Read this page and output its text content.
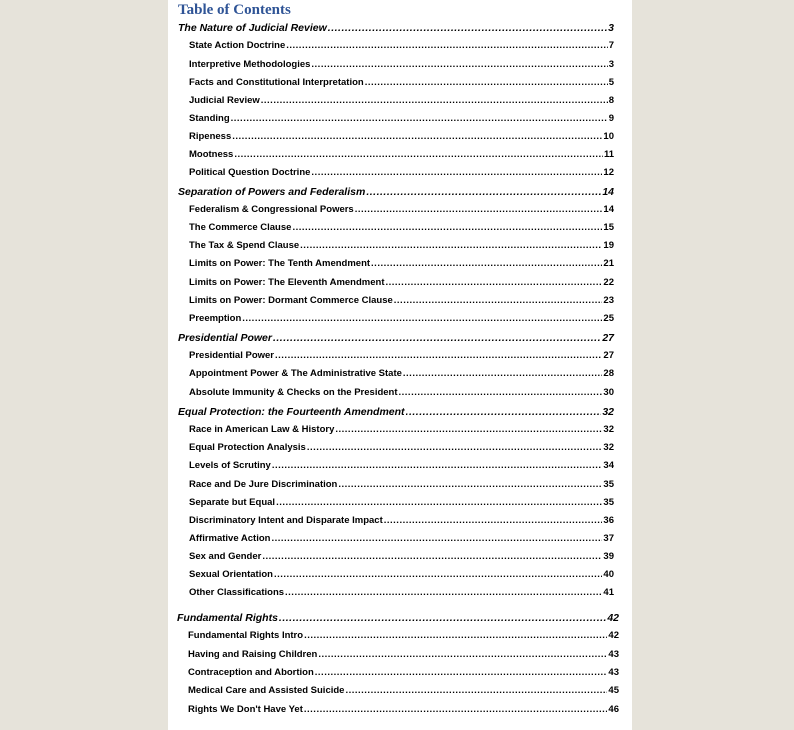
Table of Contents
The Nature of Judicial Review .....	3
State Action Doctrine .....	7
Interpretive Methodologies .....	3
Facts and Constitutional Interpretation .....	5
Judicial Review .....	8
Standing .....	9
Ripeness .....	10
Mootness .....	11
Political Question Doctrine .....	12
Separation of Powers and Federalism .....	14
Federalism & Congressional Powers .....	14
The Commerce Clause .....	15
The Tax & Spend Clause .....	19
Limits on Power: The Tenth Amendment .....	21
Limits on Power: The Eleventh Amendment .....	22
Limits on Power: Dormant Commerce Clause .....	23
Preemption .....	25
Presidential Power .....	27
Presidential Power .....	27
Appointment Power & The Administrative State .....	28
Absolute Immunity & Checks on the President .....	30
Equal Protection: the Fourteenth Amendment .....	32
Race in American Law & History .....	32
Equal Protection Analysis .....	32
Levels of Scrutiny .....	34
Race and De Jure Discrimination .....	35
Separate but Equal .....	35
Discriminatory Intent and Disparate Impact .....	36
Affirmative Action .....	37
Sex and Gender .....	39
Sexual Orientation .....	40
Other Classifications .....	41
Fundamental Rights .....	42
Fundamental Rights Intro .....	42
Having and Raising Children .....	43
Contraception and Abortion .....	43
Medical Care and Assisted Suicide .....	45
Rights We Don't Have Yet .....	46
